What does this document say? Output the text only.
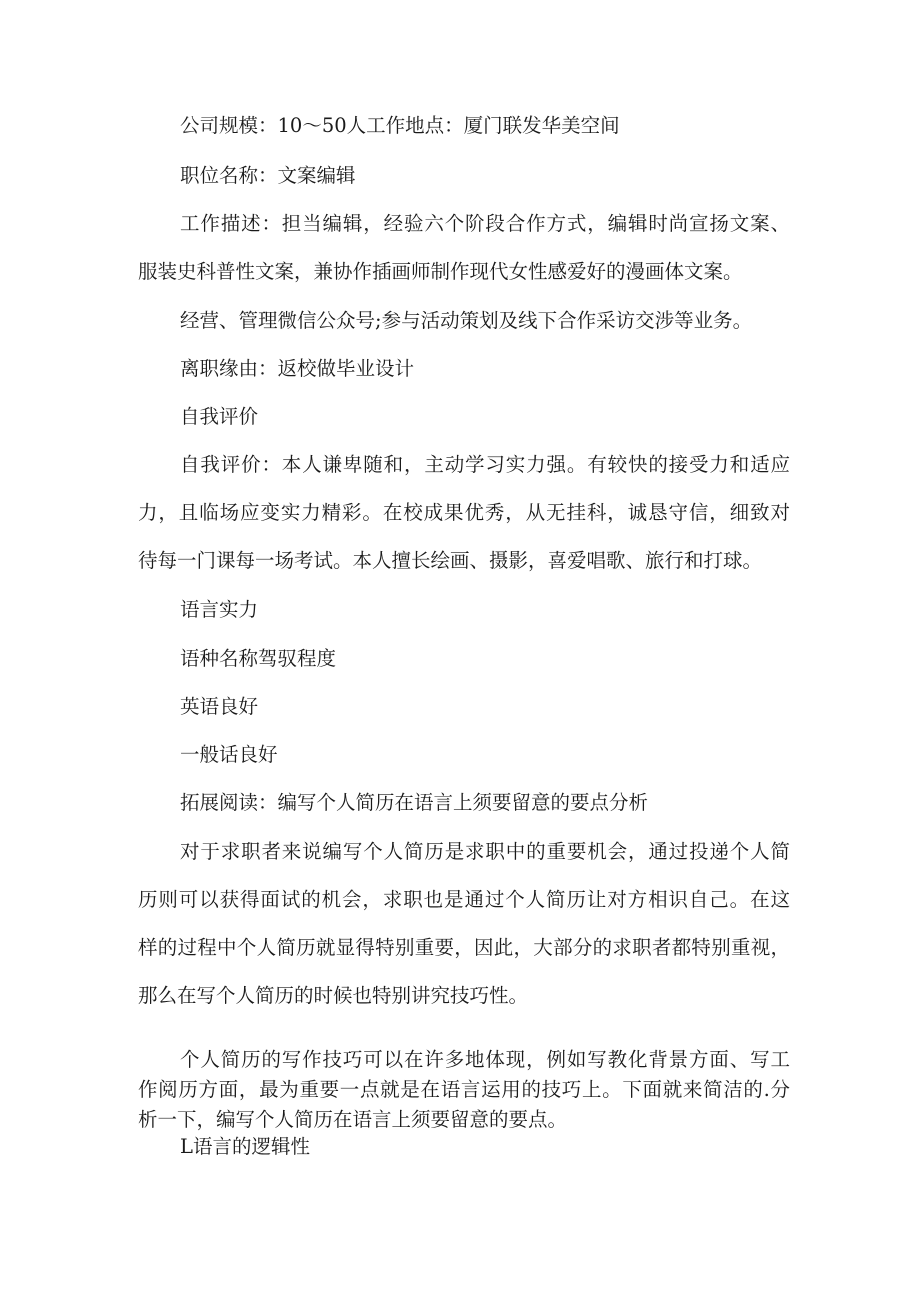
公司规模：10～50人工作地点：厦门联发华美空间

职位名称：文案编辑

工作描述：担当编辑，经验六个阶段合作方式，编辑时尚宣扬文案、
服装史科普性文案，兼协作插画师制作现代女性感爱好的漫画体文案。

经营、管理微信公众号;参与活动策划及线下合作采访交涉等业务。

离职缘由：返校做毕业设计

自我评价

自我评价：本人谦卑随和，主动学习实力强。有较快的接受力和适应
力，且临场应变实力精彩。在校成果优秀，从无挂科，诚恳守信，细致对
待每一门课每一场考试。本人擅长绘画、摄影，喜爱唱歌、旅行和打球。

语言实力

语种名称驾驭程度

英语良好

一般话良好

拓展阅读：编写个人简历在语言上须要留意的要点分析

对于求职者来说编写个人简历是求职中的重要机会，通过投递个人简
历则可以获得面试的机会，求职也是通过个人简历让对方相识自己。在这
样的过程中个人简历就显得特别重要，因此，大部分的求职者都特别重视，
那么在写个人简历的时候也特别讲究技巧性。

个人简历的写作技巧可以在许多地体现，例如写教化背景方面、写工
作阅历方面，最为重要一点就是在语言运用的技巧上。下面就来简洁的.分
析一下，编写个人简历在语言上须要留意的要点。

L语言的逻辑性
